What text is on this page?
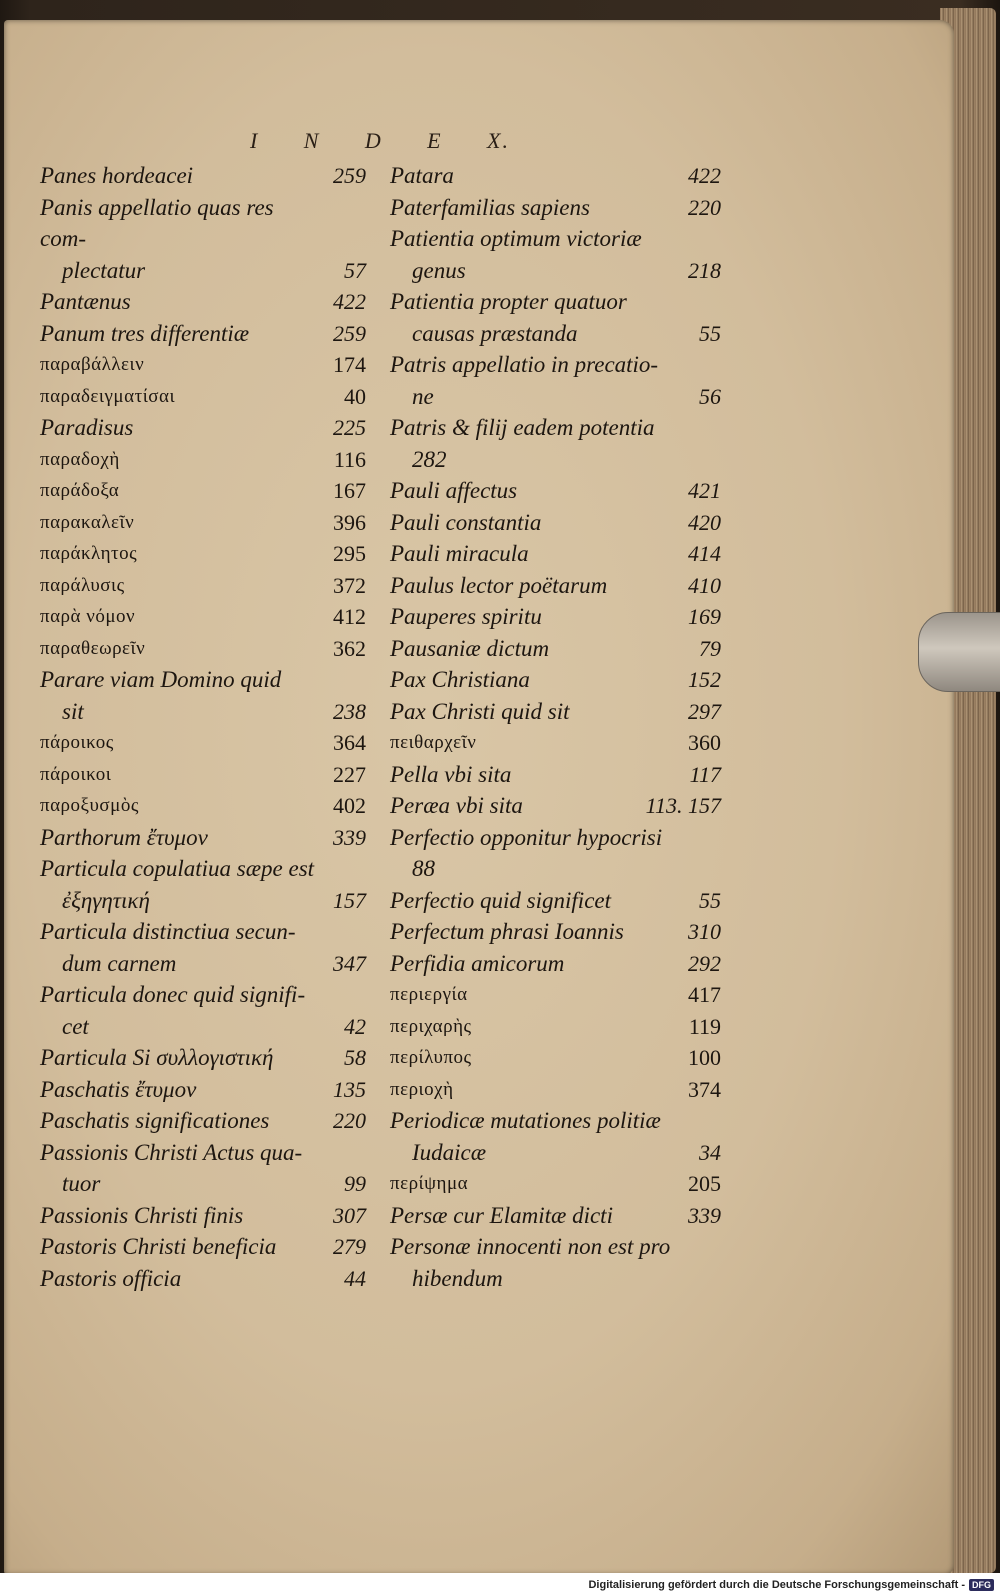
I N D E X.
Panes hordeacei	259
Panis appellatio quas res com-
plectatur	57
Pantænus	422
Panum tres differentiæ	259
παραβάλλειν	174
παραδειγματίσαι	40
Paradisus	225
παραδοχὴ	116
παράδοξα	167
παρακαλεῖν	396
παράκλητος	295
παράλυσις	372
παρὰ νόμον	412
παραθεωρεῖν	362
Parare viam Domino quid
sit	238
πάροικος	364
πάροικοι	227
παροξυσμὸς	402
Parthorum ἔτυμον	339
Particula copulatiua sæpe est
ἐξηγητική	157
Particula distinctiua secun-
dum carnem	347
Particula donec quid signifi-
cet	42
Particula Si συλλογιστική	58
Paschatis ἔτυμον	135
Paschatis significationes	220
Passionis Christi Actus qua-
tuor	99
Passionis Christi finis	307
Pastoris Christi beneficia	279
Pastoris officia	44
Patara	422
Paterfamilias sapiens	220
Patientia optimum victoriæ
genus	218
Patientia propter quatuor
causas præstanda	55
Patris appellatio in precatio-
ne	56
Patris & filij eadem potentia
282
Pauli affectus	421
Pauli constantia	420
Pauli miracula	414
Paulus lector poëtarum	410
Pauperes spiritu	169
Pausaniæ dictum	79
Pax Christiana	152
Pax Christi quid sit	297
πειθαρχεῖν	360
Pella vbi sita	117
Peræa vbi sita	113. 157
Perfectio opponitur hypocrisi
88
Perfectio quid significet	55
Perfectum phrasi Ioannis	310
Perfidia amicorum	292
περιεργία	417
περιχαρὴς	119
περίλυπος	100
περιοχὴ	374
Periodicæ mutationes politiæ
Iudaicæ	34
περίψημα	205
Persæ cur Elamitæ dicti	339
Personæ innocenti non est pro
hibendum
Digitalisierung gefördert durch die Deutsche Forschungsgemeinschaft - DFG
